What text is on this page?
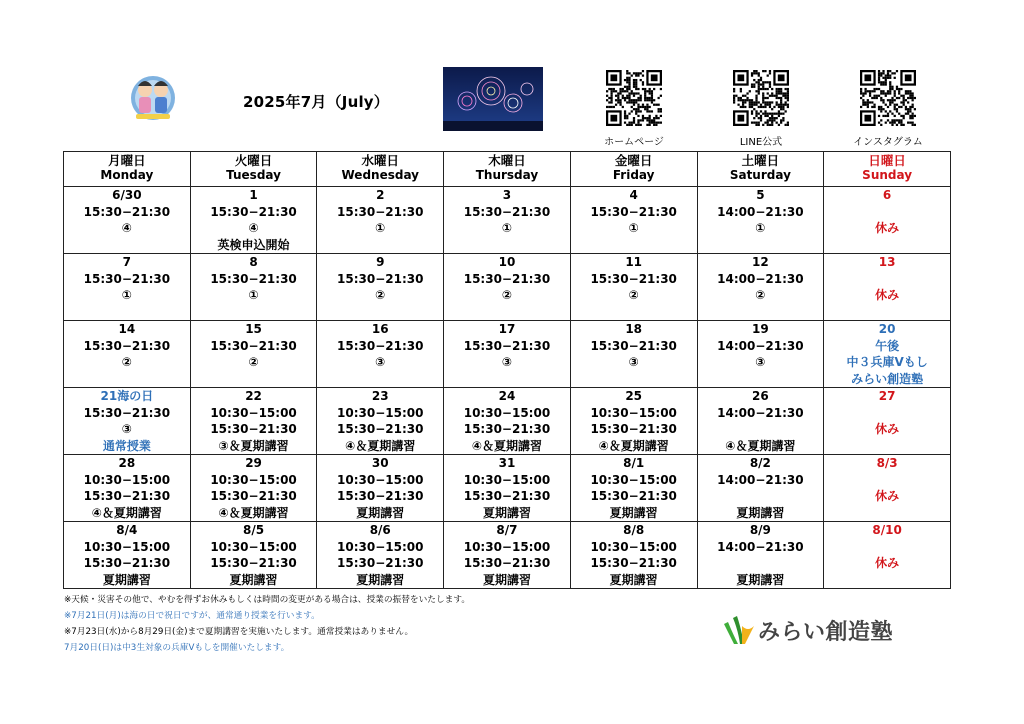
2025年7月（July）
ホームページ	LINE公式	インスタグラム
月曜日
Monday	火曜日
Tuesday	水曜日
Wednesday	木曜日
Thursday	金曜日
Friday	土曜日
Saturday	日曜日
Sunday

6/30
15:30−21:30
④	1
15:30−21:30
④
英検申込開始	2
15:30−21:30
①	3
15:30−21:30
①	4
15:30−21:30
①	5
14:00−21:30
①	6
休み

7
15:30−21:30
①	8
15:30−21:30
①	9
15:30−21:30
②	10
15:30−21:30
②	11
15:30−21:30
②	12
14:00−21:30
②	13
休み

14
15:30−21:30
②	15
15:30−21:30
②	16
15:30−21:30
③	17
15:30−21:30
③	18
15:30−21:30
③	19
14:00−21:30
③	20
午後
中３兵庫Vもし
みらい創造塾

21海の日
15:30−21:30
③
通常授業	22
10:30−15:00
15:30−21:30
③＆夏期講習	23
10:30−15:00
15:30−21:30
④＆夏期講習	24
10:30−15:00
15:30−21:30
④＆夏期講習	25
10:30−15:00
15:30−21:30
④＆夏期講習	26
14:00−21:30
④＆夏期講習	27
休み

28
10:30−15:00
15:30−21:30
④＆夏期講習	29
10:30−15:00
15:30−21:30
④＆夏期講習	30
10:30−15:00
15:30−21:30
夏期講習	31
10:30−15:00
15:30−21:30
夏期講習	8/1
10:30−15:00
15:30−21:30
夏期講習	8/2
14:00−21:30
夏期講習	8/3
休み

8/4
10:30−15:00
15:30−21:30
夏期講習	8/5
10:30−15:00
15:30−21:30
夏期講習	8/6
10:30−15:00
15:30−21:30
夏期講習	8/7
10:30−15:00
15:30−21:30
夏期講習	8/8
10:30−15:00
15:30−21:30
夏期講習	8/9
14:00−21:30
夏期講習	8/10
休み
※天候・災害その他で、やむを得ずお休みもしくは時間の変更がある場合は、授業の振替をいたします。
※7月21日(月)は海の日で祝日ですが、通常通り授業を行います。
※7月23日(水)から8月29日(金)まで夏期講習を実施いたします。通常授業はありません。
7月20日(日)は中3生対象の兵庫Vもしを開催いたします。
みらい創造塾
